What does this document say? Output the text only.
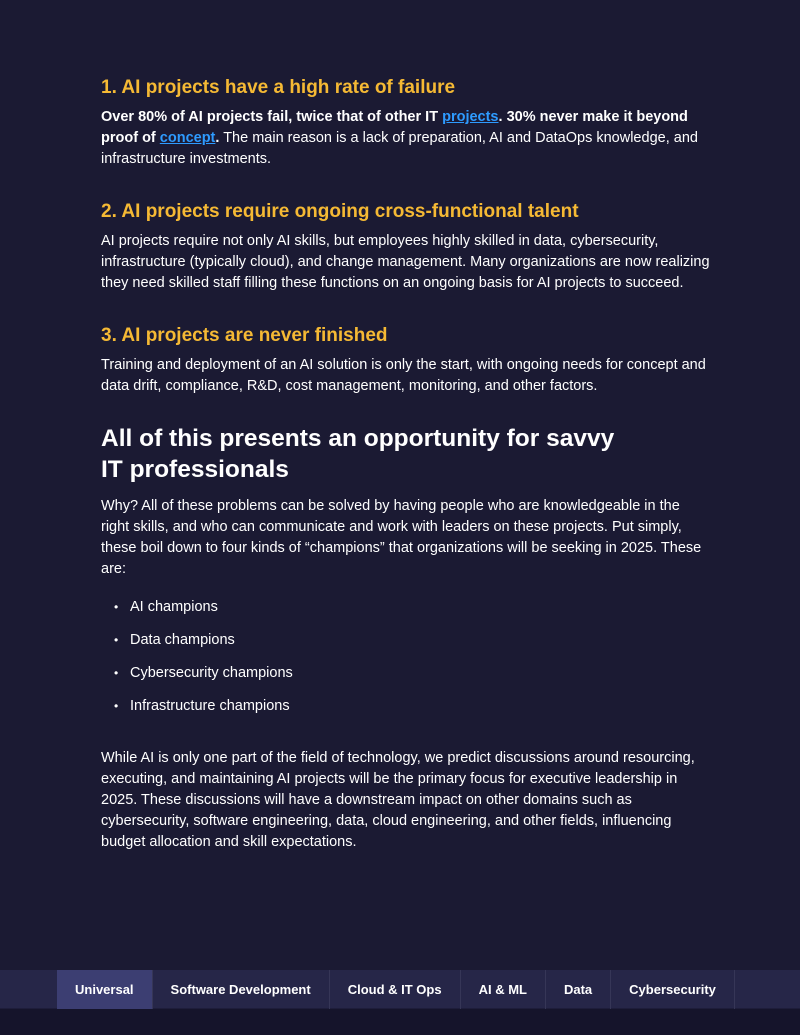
1. AI projects have a high rate of failure

Over 80% of AI projects fail, twice that of other IT projects. 30% never make it beyond proof of concept. The main reason is a lack of preparation, AI and DataOps knowledge, and infrastructure investments.

2. AI projects require ongoing cross-functional talent

AI projects require not only AI skills, but employees highly skilled in data, cybersecurity, infrastructure (typically cloud), and change management. Many organizations are now realizing they need skilled staff filling these functions on an ongoing basis for AI projects to succeed.

3. AI projects are never finished

Training and deployment of an AI solution is only the start, with ongoing needs for concept and data drift, compliance, R&D, cost management, monitoring, and other factors.

All of this presents an opportunity for savvy IT professionals

Why? All of these problems can be solved by having people who are knowledgeable in the right skills, and who can communicate and work with leaders on these projects. Put simply, these boil down to four kinds of “champions” that organizations will be seeking in 2025. These are:

• AI champions
• Data champions
• Cybersecurity champions
• Infrastructure champions

While AI is only one part of the field of technology, we predict discussions around resourcing, executing, and maintaining AI projects will be the primary focus for executive leadership in 2025. These discussions will have a downstream impact on other domains such as cybersecurity, software engineering, data, cloud engineering, and other fields, influencing budget allocation and skill expectations.

Universal	Software Development	Cloud & IT Ops	AI & ML	Data	Cybersecurity
